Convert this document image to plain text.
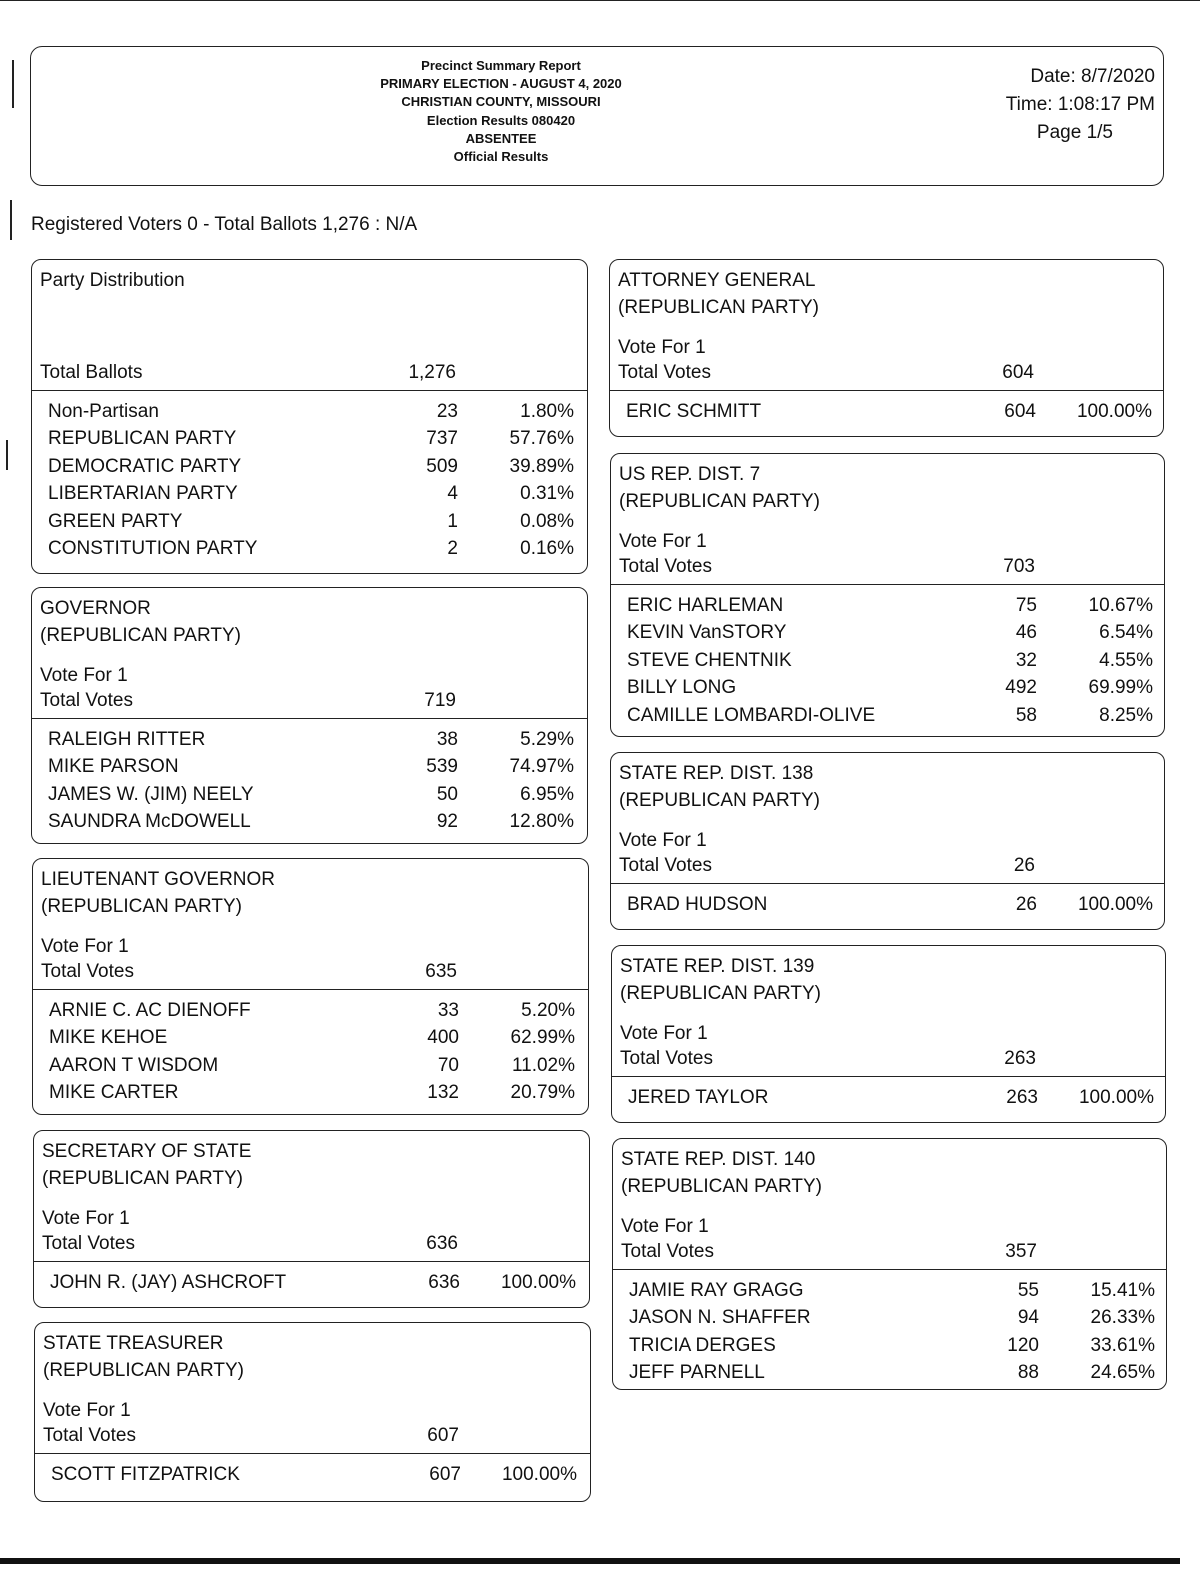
Precinct Summary Report
PRIMARY ELECTION - AUGUST 4, 2020
CHRISTIAN COUNTY, MISSOURI
Election Results 080420
ABSENTEE
Official Results
Date: 8/7/2020
Time: 1:08:17 PM
Page 1/5
Registered Voters 0 - Total Ballots 1,276 : N/A
Party Distribution
Total Ballots	1,276
Non-Partisan	23	1.80%
REPUBLICAN PARTY	737	57.76%
DEMOCRATIC PARTY	509	39.89%
LIBERTARIAN PARTY	4	0.31%
GREEN PARTY	1	0.08%
CONSTITUTION PARTY	2	0.16%
GOVERNOR
(REPUBLICAN PARTY)
Vote For 1
Total Votes	719
RALEIGH RITTER	38	5.29%
MIKE PARSON	539	74.97%
JAMES W. (JIM) NEELY	50	6.95%
SAUNDRA McDOWELL	92	12.80%
LIEUTENANT GOVERNOR
(REPUBLICAN PARTY)
Vote For 1
Total Votes	635
ARNIE C. AC DIENOFF	33	5.20%
MIKE KEHOE	400	62.99%
AARON T WISDOM	70	11.02%
MIKE CARTER	132	20.79%
SECRETARY OF STATE
(REPUBLICAN PARTY)
Vote For 1
Total Votes	636
JOHN R. (JAY) ASHCROFT	636	100.00%
STATE TREASURER
(REPUBLICAN PARTY)
Vote For 1
Total Votes	607
SCOTT FITZPATRICK	607	100.00%
ATTORNEY GENERAL
(REPUBLICAN PARTY)
Vote For 1
Total Votes	604
ERIC SCHMITT	604	100.00%
US REP. DIST. 7
(REPUBLICAN PARTY)
Vote For 1
Total Votes	703
ERIC HARLEMAN	75	10.67%
KEVIN VanSTORY	46	6.54%
STEVE CHENTNIK	32	4.55%
BILLY LONG	492	69.99%
CAMILLE LOMBARDI-OLIVE	58	8.25%
STATE REP. DIST. 138
(REPUBLICAN PARTY)
Vote For 1
Total Votes	26
BRAD HUDSON	26	100.00%
STATE REP. DIST. 139
(REPUBLICAN PARTY)
Vote For 1
Total Votes	263
JERED TAYLOR	263	100.00%
STATE REP. DIST. 140
(REPUBLICAN PARTY)
Vote For 1
Total Votes	357
JAMIE RAY GRAGG	55	15.41%
JASON N. SHAFFER	94	26.33%
TRICIA DERGES	120	33.61%
JEFF PARNELL	88	24.65%
